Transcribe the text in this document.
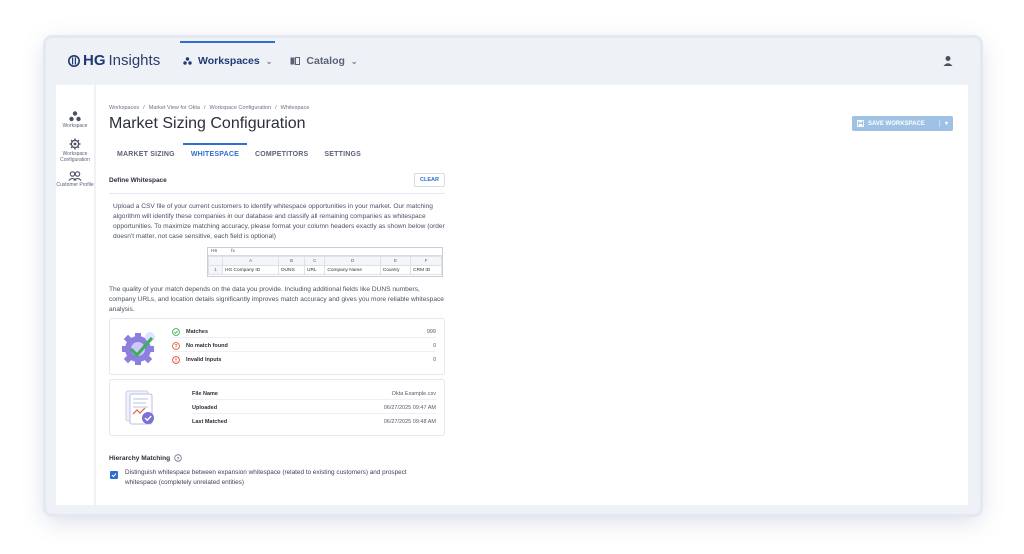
HG Insights	Workspaces ⌄	Catalog ⌄
Workspace
Workspace Configuration
Customer Profile
Workspaces / Market View for Okta / Workspace Configuration / Whitespace
Market Sizing Configuration	SAVE WORKSPACE	▾
MARKET SIZING	WHITESPACE	COMPETITORS	SETTINGS
Define Whitespace	CLEAR
Upload a CSV file of your current customers to identify whitespace opportunities in your market. Our matching algorithm will identify these companies in our database and classify all remaining companies as whitespace opportunities. To maximize matching accuracy, please format your column headers exactly as shown below (order doesn't matter, not case sensitive, each field is optional)
H6	fx
	A	B	C	D	E	F
1	HG Company ID	DUNS	URL	Company Name	Country	CRM ID
The quality of your match depends on the data you provide. Including additional fields like DUNS numbers, company URLs, and location details significantly improves match accuracy and gives you more reliable whitespace analysis.
Matches	999
? No match found	0
Invalid Inputs	0
File Name	Okta Example.csv
Uploaded	06/27/2025 09:47 AM
Last Matched	06/27/2025 09:48 AM
Hierarchy Matching ?
Distinguish whitespace between expansion whitespace (related to existing customers) and prospect whitespace (completely unrelated entities)
